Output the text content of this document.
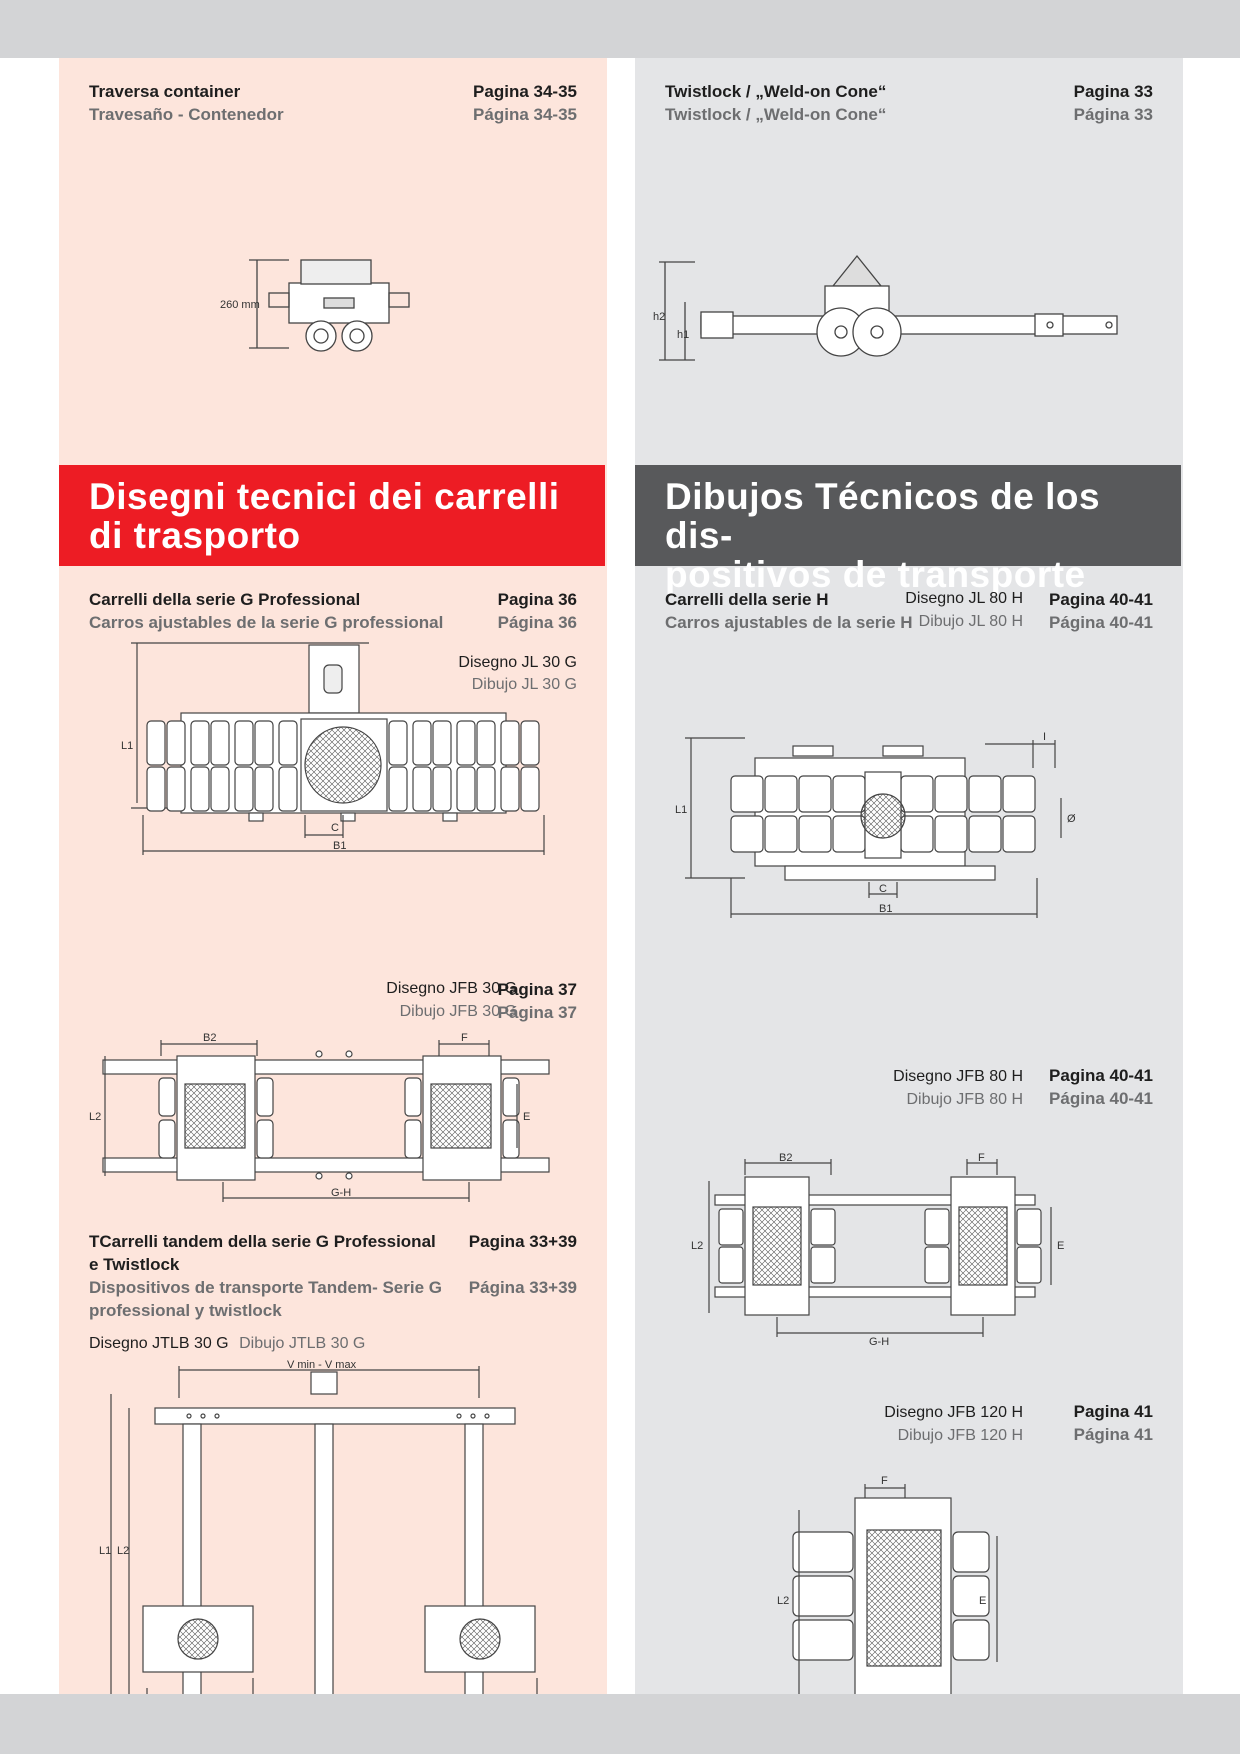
Traversa container	Pagina 34-35
Travesaño - Contenedor	Página 34-35
260 mm
Disegni tecnici dei carrelli di trasporto
Carrelli della serie G Professional	Pagina 36
Carros ajustables de la serie G professional	Página 36
Disegno JL 30 G
Dibujo JL 30 G
L1
C
B1
Disegno JFB 30 G
Dibujo JFB 30 G
Pagina 37
Página 37
B2	F
L2	E
G-H
TCarrelli tandem della serie G Professional Pagina 33+39
e Twistlock
Dispositivos de transporte Tandem- Serie G Página 33+39
professional y twistlock
Disegno JTLB 30 G Dibujo JTLB 30 G
V min - V max
L1 L2
Twistlock / „Weld-on Cone“	Pagina 33
Twistlock / „Weld-on Cone“	Página 33
h2
h1
Dibujos Técnicos de los dis-
positivos de transporte
Carrelli della serie H	Pagina 40-41
Carros ajustables de la serie H	Página 40-41
Disegno JL 80 H
Dibujo JL 80 H
L1
I
Ø
C
B1
Disegno JFB 80 H
Dibujo JFB 80 H
Pagina 40-41
Página 40-41
B2	F
L2	E
G-H
Disegno JFB 120 H
Dibujo JFB 120 H
Pagina 41
Página 41
F
L2	E
